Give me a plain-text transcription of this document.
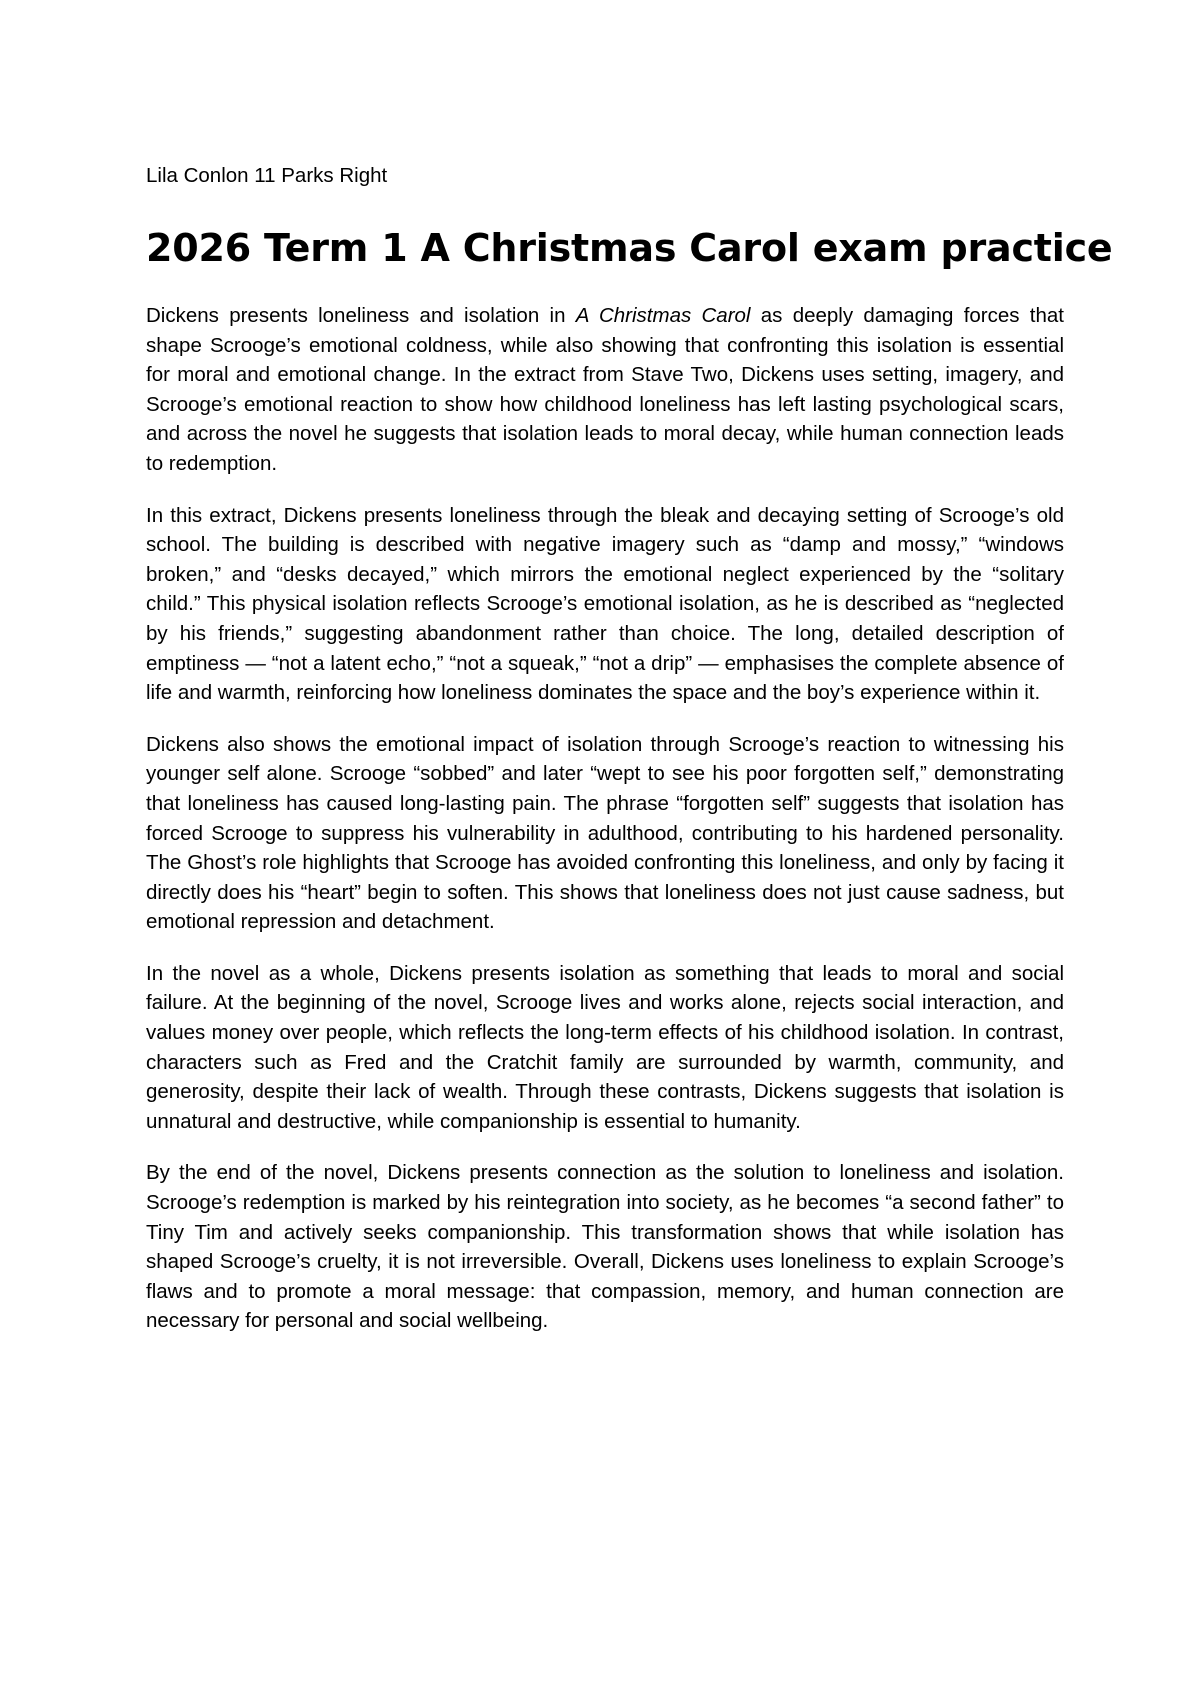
Lila Conlon 11 Parks Right

2026 Term 1 A Christmas Carol exam practice

Dickens presents loneliness and isolation in A Christmas Carol as deeply damaging forces that shape Scrooge’s emotional coldness, while also showing that confronting this isolation is essential for moral and emotional change. In the extract from Stave Two, Dickens uses setting, imagery, and Scrooge’s emotional reaction to show how childhood loneliness has left lasting psychological scars, and across the novel he suggests that isolation leads to moral decay, while human connection leads to redemption.

In this extract, Dickens presents loneliness through the bleak and decaying setting of Scrooge’s old school. The building is described with negative imagery such as “damp and mossy,” “windows broken,” and “desks decayed,” which mirrors the emotional neglect experienced by the “solitary child.” This physical isolation reflects Scrooge’s emotional isolation, as he is described as “neglected by his friends,” suggesting abandonment rather than choice. The long, detailed description of emptiness — “not a latent echo,” “not a squeak,” “not a drip” — emphasises the complete absence of life and warmth, reinforcing how loneliness dominates the space and the boy’s experience within it.

Dickens also shows the emotional impact of isolation through Scrooge’s reaction to witnessing his younger self alone. Scrooge “sobbed” and later “wept to see his poor forgotten self,” demonstrating that loneliness has caused long-lasting pain. The phrase “forgotten self” suggests that isolation has forced Scrooge to suppress his vulnerability in adulthood, contributing to his hardened personality. The Ghost’s role highlights that Scrooge has avoided confronting this loneliness, and only by facing it directly does his “heart” begin to soften. This shows that loneliness does not just cause sadness, but emotional repression and detachment.

In the novel as a whole, Dickens presents isolation as something that leads to moral and social failure. At the beginning of the novel, Scrooge lives and works alone, rejects social interaction, and values money over people, which reflects the long-term effects of his childhood isolation. In contrast, characters such as Fred and the Cratchit family are surrounded by warmth, community, and generosity, despite their lack of wealth. Through these contrasts, Dickens suggests that isolation is unnatural and destructive, while companionship is essential to humanity.

By the end of the novel, Dickens presents connection as the solution to loneliness and isolation. Scrooge’s redemption is marked by his reintegration into society, as he becomes “a second father” to Tiny Tim and actively seeks companionship. This transformation shows that while isolation has shaped Scrooge’s cruelty, it is not irreversible. Overall, Dickens uses loneliness to explain Scrooge’s flaws and to promote a moral message: that compassion, memory, and human connection are necessary for personal and social wellbeing.
